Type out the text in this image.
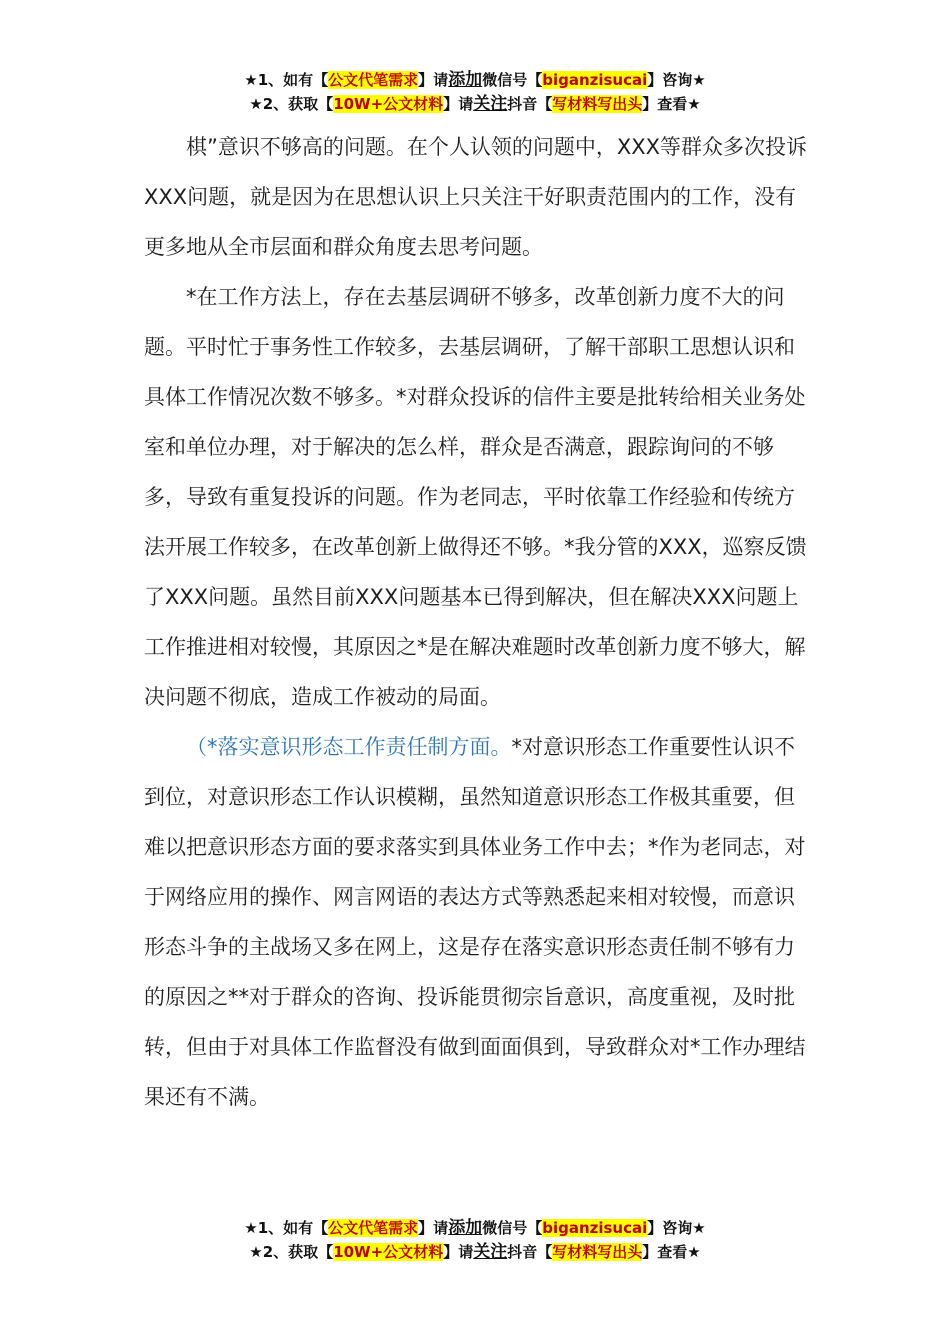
★1、如有【公文代笔需求】请添加微信号【biganzisucai】咨询★
★2、获取【10W+公文材料】请关注抖音【写材料写出头】查看★

棋”意识不够高的问题。在个人认领的问题中，XXX等群众多次投诉XXX问题，就是因为在思想认识上只关注干好职责范围内的工作，没有更多地从全市层面和群众角度去思考问题。

*在工作方法上，存在去基层调研不够多，改革创新力度不大的问题。平时忙于事务性工作较多，去基层调研，了解干部职工思想认识和具体工作情况次数不够多。*对群众投诉的信件主要是批转给相关业务处室和单位办理，对于解决的怎么样，群众是否满意，跟踪询问的不够多，导致有重复投诉的问题。作为老同志，平时依靠工作经验和传统方法开展工作较多，在改革创新上做得还不够。*我分管的XXX，巡察反馈了XXX问题。虽然目前XXX问题基本已得到解决，但在解决XXX问题上工作推进相对较慢，其原因之*是在解决难题时改革创新力度不够大，解决问题不彻底，造成工作被动的局面。

（*落实意识形态工作责任制方面。*对意识形态工作重要性认识不到位，对意识形态工作认识模糊，虽然知道意识形态工作极其重要，但难以把意识形态方面的要求落实到具体业务工作中去；*作为老同志，对于网络应用的操作、网言网语的表达方式等熟悉起来相对较慢，而意识形态斗争的主战场又多在网上，这是存在落实意识形态责任制不够有力的原因之**对于群众的咨询、投诉能贯彻宗旨意识，高度重视，及时批转，但由于对具体工作监督没有做到面面俱到，导致群众对*工作办理结果还有不满。

★1、如有【公文代笔需求】请添加微信号【biganzisucai】咨询★
★2、获取【10W+公文材料】请关注抖音【写材料写出头】查看★
